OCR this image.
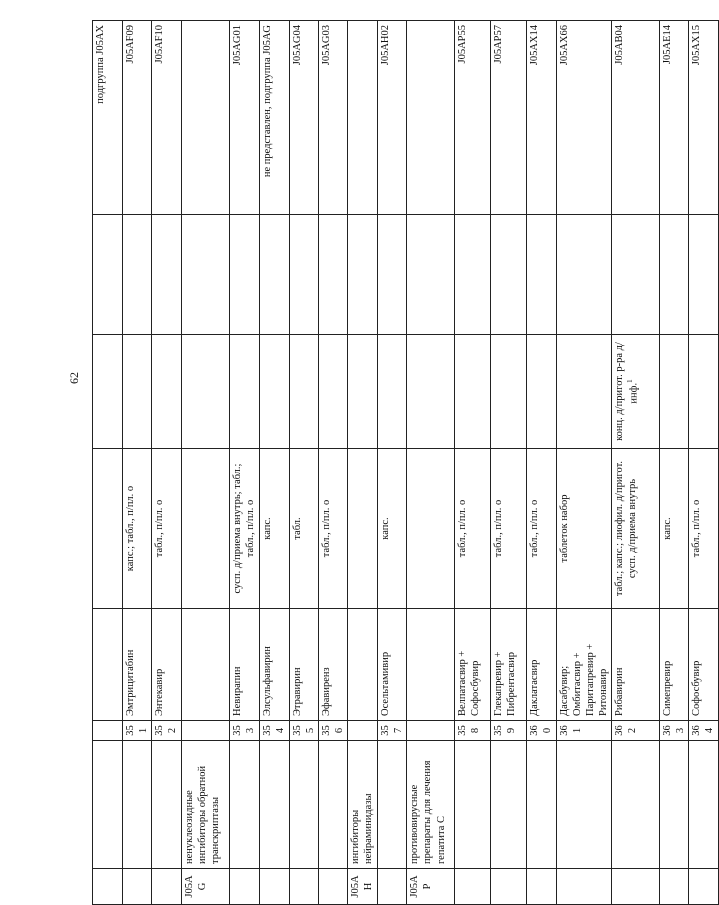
62
							подгруппа J05AX
		351	Эмтрицитабин	капс.; табл., п/пл. о			J05AF09
		352	Энтекавир	табл., п/пл. о			J05AF10
J05AG	ненуклеозидные ингибиторы обратной транскриптазы						
		353	Невирапин	сусп. д/приема внутрь; табл.; табл., п/пл. о			J05AG01
		354	Элсульфавирин	капс.			не представлен, подгруппа J05AG
		355	Этравирин	табл.			J05AG04
		356	Эфавиренз	табл., п/пл. о			J05AG03
J05AH	ингибиторы нейраминидазы						
		357	Осельтамивир	капс.			J05AH02
J05AP	противовирусные препараты для лечения гепатита С						
		358	Велпатасвир + Софосбувир	табл., п/пл. о			J05AP55
		359	Глекапревир + Пибрентасвир	табл., п/пл. о			J05AP57
		360	Даклатасвир	табл., п/пл. о			J05AX14
		361	Дасабувир; Омбитасвир + Паритапревир + Ритонавир	таблеток набор			J05AX66
		362	Рибавирин	табл.; капс.; лиофил. д/пригот. сусп. д/приема внутрь	конц. д/пригот. р-ра д/инф.$^1$		J05AB04
		363	Симепревир	капс.			J05AE14
		364	Софосбувир	табл., п/пл. о			J05AX15
